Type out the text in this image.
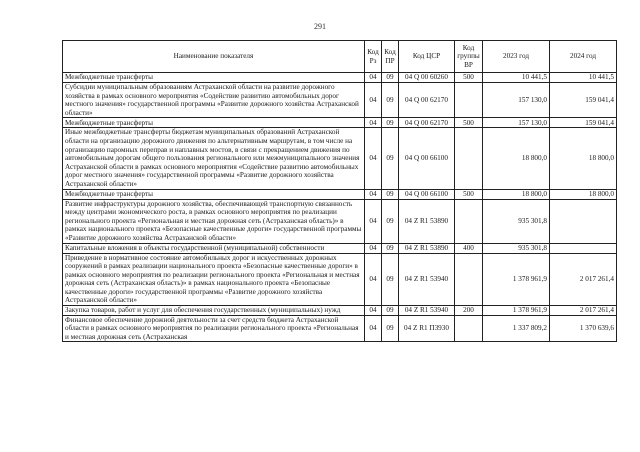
291
Наименование показателя	Код Рз	Код ПР	Код ЦСР	Код группы ВР	2023 год	2024 год
Межбюджетные трансферты	04	09	04 Q 00 60260	500	10 441,5	10 441,5
Субсидии муниципальным образованиям Астраханской области на развитие дорожного хозяйства в рамках основного мероприятия «Содействие развитию автомобильных дорог местного значения» государственной программы «Развитие дорожного хозяйства Астраханской области»	04	09	04 Q 00 62170		157 130,0	159 041,4
Межбюджетные трансферты	04	09	04 Q 00 62170	500	157 130,0	159 041,4
Иные межбюджетные трансферты бюджетам муниципальных образований Астраханской области на организацию дорожного движения по альтернативным маршрутам, в том числе на организацию паромных переправ и наплавных мостов, в связи с прекращением движения по автомобильным дорогам общего пользования регионального или межмуниципального значения Астраханской области в рамках основного мероприятия «Содействие развитию автомобильных дорог местного значения» государственной программы «Развитие дорожного хозяйства Астраханской области»	04	09	04 Q 00 66100		18 800,0	18 800,0
Межбюджетные трансферты	04	09	04 Q 00 66100	500	18 800,0	18 800,0
Развитие инфраструктуры дорожного хозяйства, обеспечивающей транспортную связанность между центрами экономического роста, в рамках основного мероприятия по реализации регионального проекта «Региональная и местная дорожная сеть (Астраханская область)» в рамках национального проекта «Безопасные качественные дороги» государственной программы «Развитие дорожного хозяйства Астраханской области»	04	09	04 Z R1 53890		935 301,8	
Капитальные вложения в объекты государственной (муниципальной) собственности	04	09	04 Z R1 53890	400	935 301,8	
Приведение в нормативное состояние автомобильных дорог и искусственных дорожных сооружений в рамках реализации национального проекта «Безопасные качественные дороги» в рамках основного мероприятия по реализации регионального проекта «Региональная и местная дорожная сеть (Астраханская область)» в рамках национального проекта «Безопасные качественные дороги» государственной программы «Развитие дорожного хозяйства Астраханской области»	04	09	04 Z R1 53940		1 378 961,9	2 017 261,4
Закупка товаров, работ и услуг для обеспечения государственных (муниципальных) нужд	04	09	04 Z R1 53940	200	1 378 961,9	2 017 261,4
Финансовое обеспечение дорожной деятельности за счет средств бюджета Астраханской области в рамках основного мероприятия по реализации регионального проекта «Региональная и местная дорожная сеть (Астраханская	04	09	04 Z R1 П3930		1 337 809,2	1 370 639,6
